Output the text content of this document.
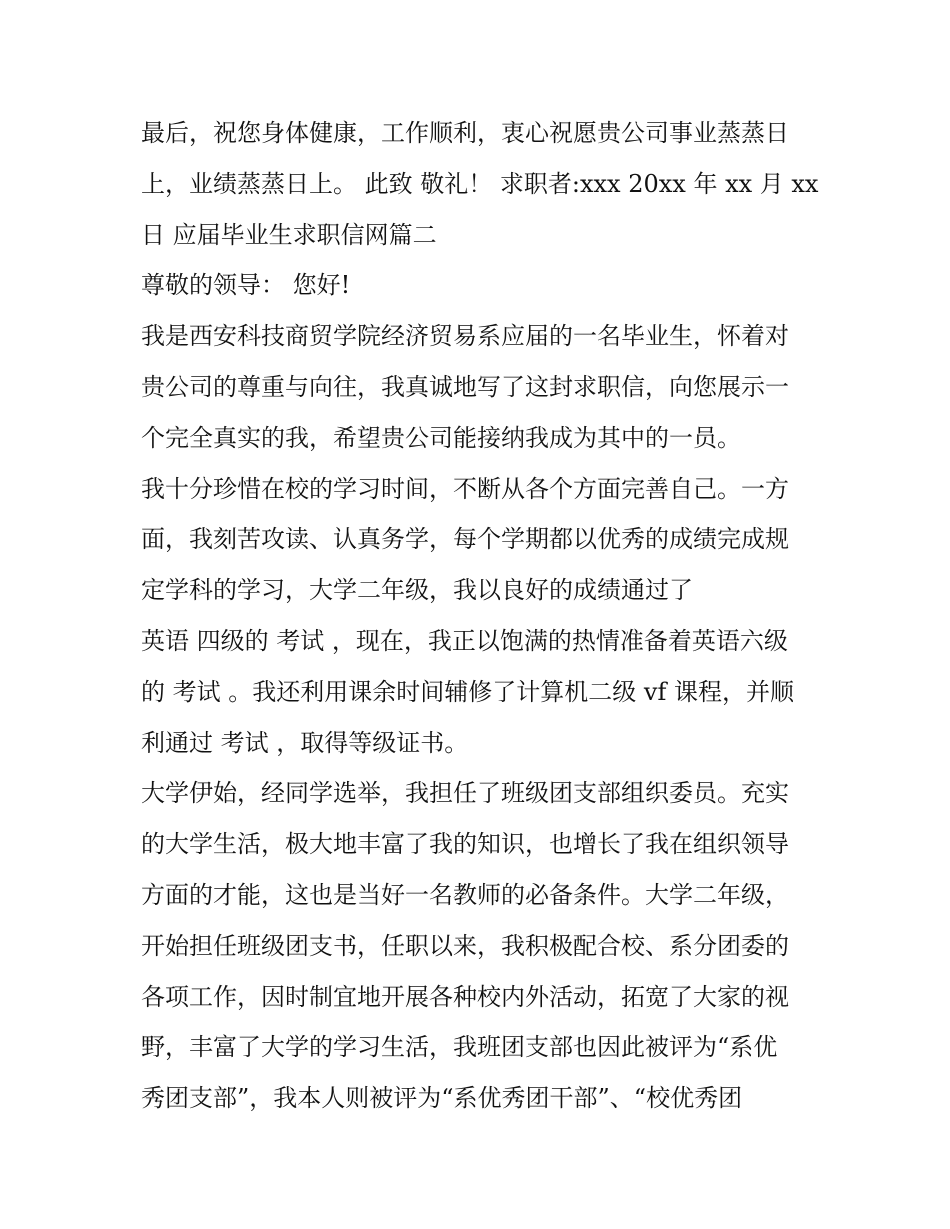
最后，祝您身体健康，工作顺利，衷心祝愿贵公司事业蒸蒸日
上，业绩蒸蒸日上。 此致 敬礼！ 求职者:xxx 20xx 年 xx 月 xx
日 应届毕业生求职信网篇二
尊敬的领导： 您好!
我是西安科技商贸学院经济贸易系应届的一名毕业生，怀着对
贵公司的尊重与向往，我真诚地写了这封求职信，向您展示一
个完全真实的我，希望贵公司能接纳我成为其中的一员。
我十分珍惜在校的学习时间，不断从各个方面完善自己。一方
面，我刻苦攻读、认真务学，每个学期都以优秀的成绩完成规
定学科的学习，大学二年级，我以良好的成绩通过了
英语 四级的 考试 ，现在，我正以饱满的热情准备着英语六级
的 考试 。我还利用课余时间辅修了计算机二级 vf 课程，并顺
利通过 考试 ，取得等级证书。
大学伊始，经同学选举，我担任了班级团支部组织委员。充实
的大学生活，极大地丰富了我的知识，也增长了我在组织领导
方面的才能，这也是当好一名教师的必备条件。大学二年级，
开始担任班级团支书，任职以来，我积极配合校、系分团委的
各项工作，因时制宜地开展各种校内外活动，拓宽了大家的视
野，丰富了大学的学习生活，我班团支部也因此被评为“系优
秀团支部”，我本人则被评为“系优秀团干部”、“校优秀团
